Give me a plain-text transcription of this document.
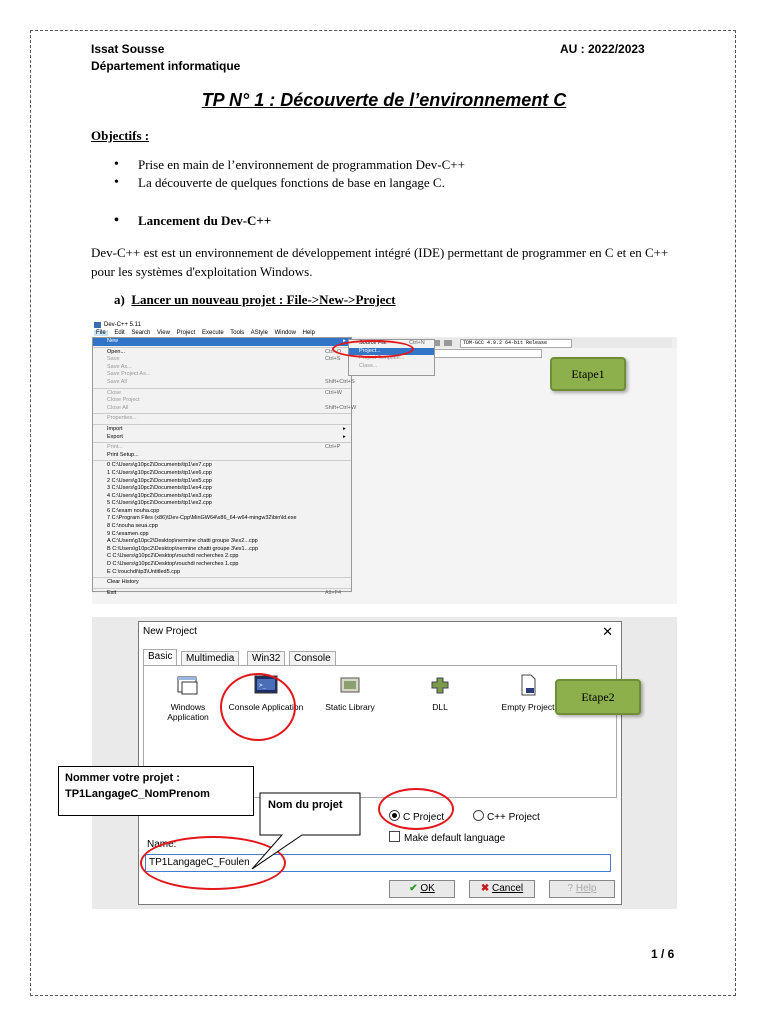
Issat Sousse
Département informatique
AU : 2022/2023
TP N° 1 : Découverte de l’environnement C
Objectifs :
• Prise en main de l’environnement de programmation Dev-C++
• La découverte de quelques fonctions de base en langage C.
• Lancement du Dev-C++
Dev-C++ est est un environnement de développement intégré (IDE) permettant de programmer en C et en C++ pour les systèmes d'exploitation Windows.
a) Lancer un nouveau projet : File->New->Project
Dev-C++ 5.11
File Edit Search View Project Execute Tools AStyle Window Help
TDM-GCC 4.9.2 64-bit Release
New	▸
Open...	Ctrl+O
Save	Ctrl+S
Save As...
Save Project As...
Save All	Shift+Ctrl+S
Close	Ctrl+W
Close Project
Close All	Shift+Ctrl+W
Properties...
Import	▸
Export	▸
Print...	Ctrl+P
Print Setup...
0 C:\Users\g10pc2\Documents\tp1\ex7.cpp
1 C:\Users\g10pc2\Documents\tp1\ex6.cpp
2 C:\Users\g10pc2\Documents\tp1\ex5.cpp
3 C:\Users\g10pc2\Documents\tp1\ex4.cpp
4 C:\Users\g10pc2\Documents\tp1\ex3.cpp
5 C:\Users\g10pc2\Documents\tp1\ex2.cpp
6 C:\exam nouha.cpp
7 C:\Program Files (x86)\Dev-Cpp\MinGW64\x86_64-w64-mingw32\bin\ld.exe
8 C:\nouha seua.cpp
9 C:\examen.cpp
A C:\Users\g10pc2\Desktop\nermine chatti groupe 3\ex2...cpp
B C:\Users\g10pc2\Desktop\nermine chatti groupe 3\ex1...cpp
C C:\Users\g10pc2\Desktop\rouchdi recherches 2.cpp
D C:\Users\g10pc2\Desktop\rouchdi recherches 1.cpp
E C:\rouchdi\tp3\Untitled5.cpp
Clear History
Exit	Alt+F4
Source File	Ctrl+N
Project...
Project Template...
Class...
Etape1
New Project	✕
Basic	Multimedia	Win32	Console
Windows Application
>_
Console Application	Static Library	DLL	Empty Project
C Project	C++ Project
Make default language
Name:
TP1LangageC_Foulen
✔ OK	✖ Cancel	? Help
Etape2
Nommer votre projet :
TP1LangageC_NomPrenom
Nom du projet
1 / 6
